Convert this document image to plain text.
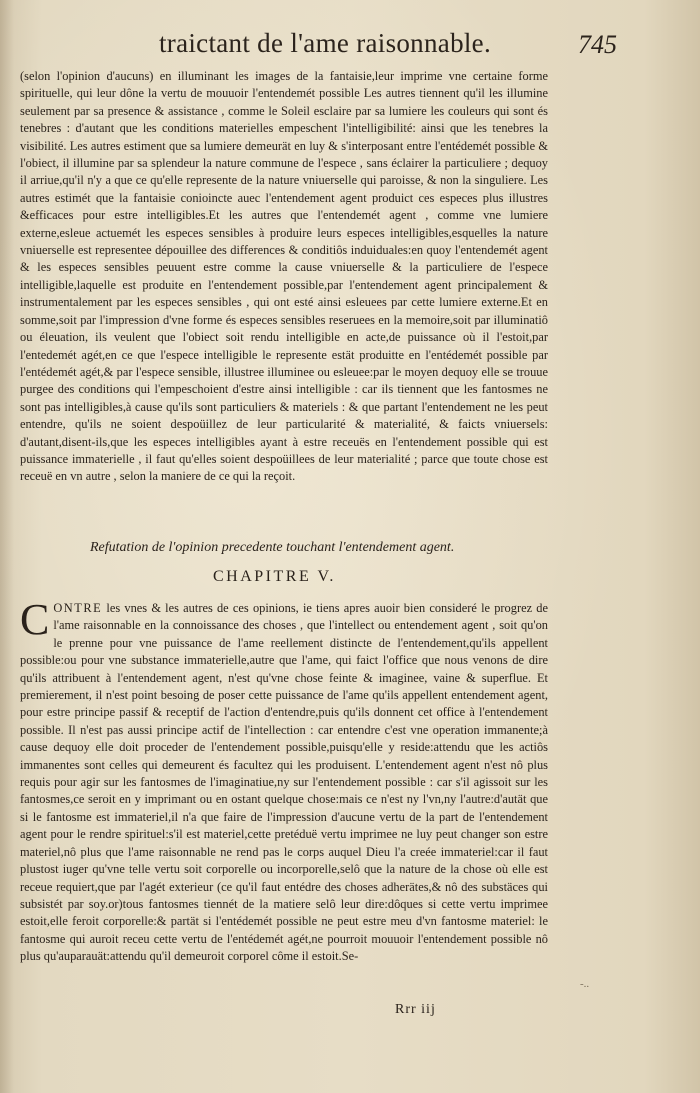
traictant de l'ame raisonnable.	745
(selon l'opinion d'aucuns) en illuminant les images de la fantaisie,leur imprime vne certaine forme spirituelle, qui leur dône la vertu de mouuoir l'entendemét possible Les autres tiennent qu'il les illumine seulement par sa presence & assistance , comme le Soleil esclaire par sa lumiere les couleurs qui sont és tenebres : d'autant que les conditions materielles empeschent l'intelligibilité: ainsi que les tenebres la visibilité. Les autres estiment que sa lumiere demeurät en luy & s'interposant entre l'entédemét possible & l'obiect, il illumine par sa splendeur la nature commune de l'espece , sans éclairer la particuliere ; dequoy il arriue,qu'il n'y a que ce qu'elle represente de la nature vniuerselle qui paroisse, & non la singuliere. Les autres estimét que la fantaisie conioincte auec l'entendement agent produict ces especes plus illustres &efficaces pour estre intelligibles.Et les autres que l'entendemét agent , comme vne lumiere externe,esleue actuemét les especes sensibles à produire leurs especes intelligibles,esquelles la nature vniuerselle est representee dépouillee des differences & conditiôs induiduales:en quoy l'entendemét agent & les especes sensibles peuuent estre comme la cause vniuerselle & la particuliere de l'espece intelligible,laquelle est produite en l'entendement possible,par l'entendement agent principalement & instrumentalement par les especes sensibles , qui ont esté ainsi esleuees par cette lumiere externe.Et en somme,soit par l'impression d'vne forme és especes sensibles reseruees en la memoire,soit par illuminatiô ou éleuation, ils veulent que l'obiect soit rendu intelligible en acte,de puissance où il l'estoit,par l'entedemét agét,en ce que l'espece intelligible le represente estät produitte en l'entédemét possible par l'entédemét agét,& par l'espece sensible, illustree illuminee ou esleuee:par le moyen dequoy elle se trouue purgee des conditions qui l'empeschoient d'estre ainsi intelligible : car ils tiennent que les fantosmes ne sont pas intelligibles,à cause qu'ils sont particuliers & materiels : & que partant l'entendement ne les peut entendre, qu'ils ne soient despoüillez de leur particularité & materialité, & faicts vniuersels: d'autant,disent-ils,que les especes intelligibles ayant à estre receuës en l'entendement possible qui est puissance immaterielle , il faut qu'elles soient despoüillees de leur materialité ; parce que toute chose est receuë en vn autre , selon la maniere de ce qui la reçoit.
Refutation de l'opinion precedente touchant l'entendement agent.
CHAPITRE V.
CONTRE les vnes & les autres de ces opinions, ie tiens apres auoir bien consideré le progrez de l'ame raisonnable en la connoissance des choses , que l'intellect ou entendement agent , soit qu'on le prenne pour vne puissance de l'ame reellement distincte de l'entendement,qu'ils appellent possible:ou pour vne substance immaterielle,autre que l'ame, qui faict l'office que nous venons de dire qu'ils attribuent à l'entendement agent, n'est qu'vne chose feinte & imaginee, vaine & superflue. Et premierement, il n'est point besoing de poser cette puissance de l'ame qu'ils appellent entendement agent, pour estre principe passif & receptif de l'action d'entendre,puis qu'ils donnent cet office à l'entendement possible. Il n'est pas aussi principe actif de l'intellection : car entendre c'est vne operation immanente;à cause dequoy elle doit proceder de l'entendement possible,puisqu'elle y reside:attendu que les actiôs immanentes sont celles qui demeurent és facultez qui les produisent. L'entendement agent n'est nô plus requis pour agir sur les fantosmes de l'imaginatiue,ny sur l'entendement possible : car s'il agissoit sur les fantosmes,ce seroit en y imprimant ou en ostant quelque chose:mais ce n'est ny l'vn,ny l'autre:d'autät que si le fantosme est immateriel,il n'a que faire de l'impression d'aucune vertu de la part de l'entendement agent pour le rendre spirituel:s'il est materiel,cette pretéduë vertu imprimee ne luy peut changer son estre materiel,nô plus que l'ame raisonnable ne rend pas le corps auquel Dieu l'a creée immateriel:car il faut plustost iuger qu'vne telle vertu soit corporelle ou incorporelle,selô que la nature de la chose où elle est receue requiert,que par l'agét exterieur (ce qu'il faut entédre des choses adherätes,& nô des substäces qui subsistét par soy.or)tous fantosmes tiennét de la matiere selô leur dire:dôques si cette vertu imprimee estoit,elle feroit corporelle:& partät si l'entédemét possible ne peut estre meu d'vn fantosme materiel: le fantosme qui auroit receu cette vertu de l'entédemét agét,ne pourroit mouuoir l'entendement possible nô plus qu'auparauät:attendu qu'il demeuroit corporel côme il estoit.Se-
-..
Rrr iij
